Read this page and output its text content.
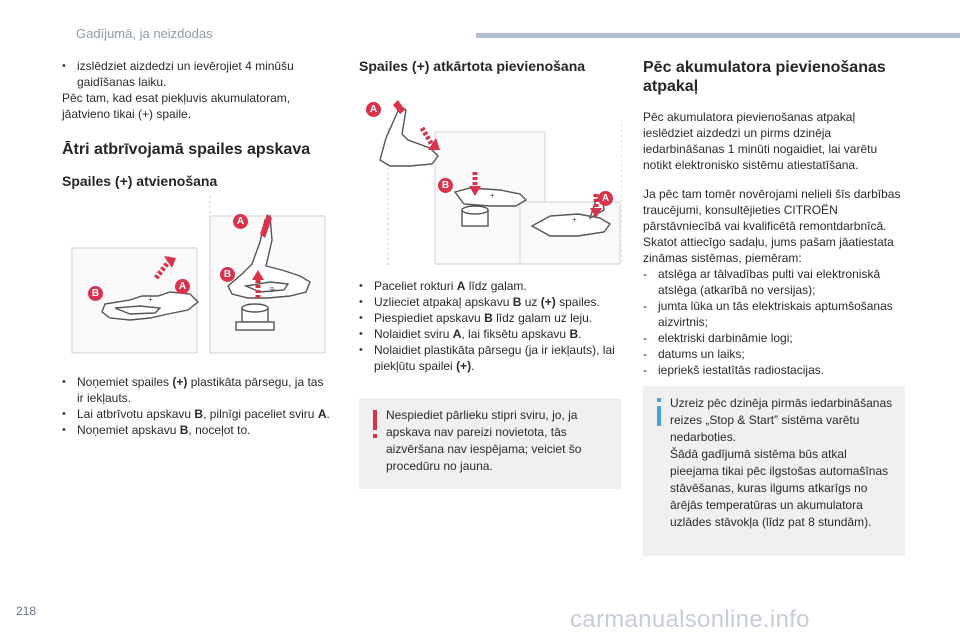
Gadījumā, ja neizdodas
• izslēdziet aizdedzi un ievērojiet 4 minūšu gaidīšanas laiku.

Pēc tam, kad esat piekļuvis akumulatoram,

jāatvieno tikai (+) spaile.

Ātri atbrīvojamā spailes apskava
Spailes (+) atvienošana
+
9-
A
B
A
B
• Noņemiet spailes (+) plastikāta pārsegu, ja tas ir iekļauts.
• Lai atbrīvotu apskavu B, pilnīgi paceliet sviru A.
• Noņemiet apskavu B, noceļot to.
Spailes (+) atkārtota pievienošana
+
+
A
B
A
• Paceliet rokturi A līdz galam.
• Uzlieciet atpakaļ apskavu B uz (+) spailes.
• Piespiediet apskavu B līdz galam uz leju.
• Nolaidiet sviru A, lai fiksētu apskavu B.
• Nolaidiet plastikāta pārsegu (ja ir iekļauts), lai piekļūtu spailei (+).
Nespiediet pārlieku stipri sviru, jo, ja apskava nav pareizi novietota, tās aizvēršana nav iespējama; veiciet šo procedūru no jauna.
Pēc akumulatora pievienošanas
atpakaļ

Pēc akumulatora pievienošanas atpakaļ ieslēdziet aizdedzi un pirms dzinēja iedarbināšanas 1 minūti nogaidiet, lai varētu notikt elektronisko sistēmu atiestatīšana.

Ja pēc tam tomēr novērojami nelieli šīs darbības traucējumi, konsultējieties CITROËN pārstāvniecībā vai kvalificētā remontdarbnīcā. Skatot attiecīgo sadaļu, jums pašam jāatiestata zināmas sistēmas, piemēram:

- atslēga ar tālvadības pulti vai elektroniskā atslēga (atkarībā no versijas);
- jumta lūka un tās elektriskais aptumšošanas aizvirtnis;
- elektriski darbināmie logi;
- datums un laiks;
- iepriekš iestatītās radiostacijas.
Uzreiz pēc dzinēja pirmās iedarbināšanas reizes „Stop & Start” sistēma varētu nedarboties.
Šādā gadījumā sistēma būs atkal pieejama tikai pēc ilgstošas automašīnas stāvēšanas, kuras ilgums atkarīgs no ārējās temperatūras un akumulatora uzlādes stāvokļa (līdz pat 8 stundām).
218	carmanualsonline.info
